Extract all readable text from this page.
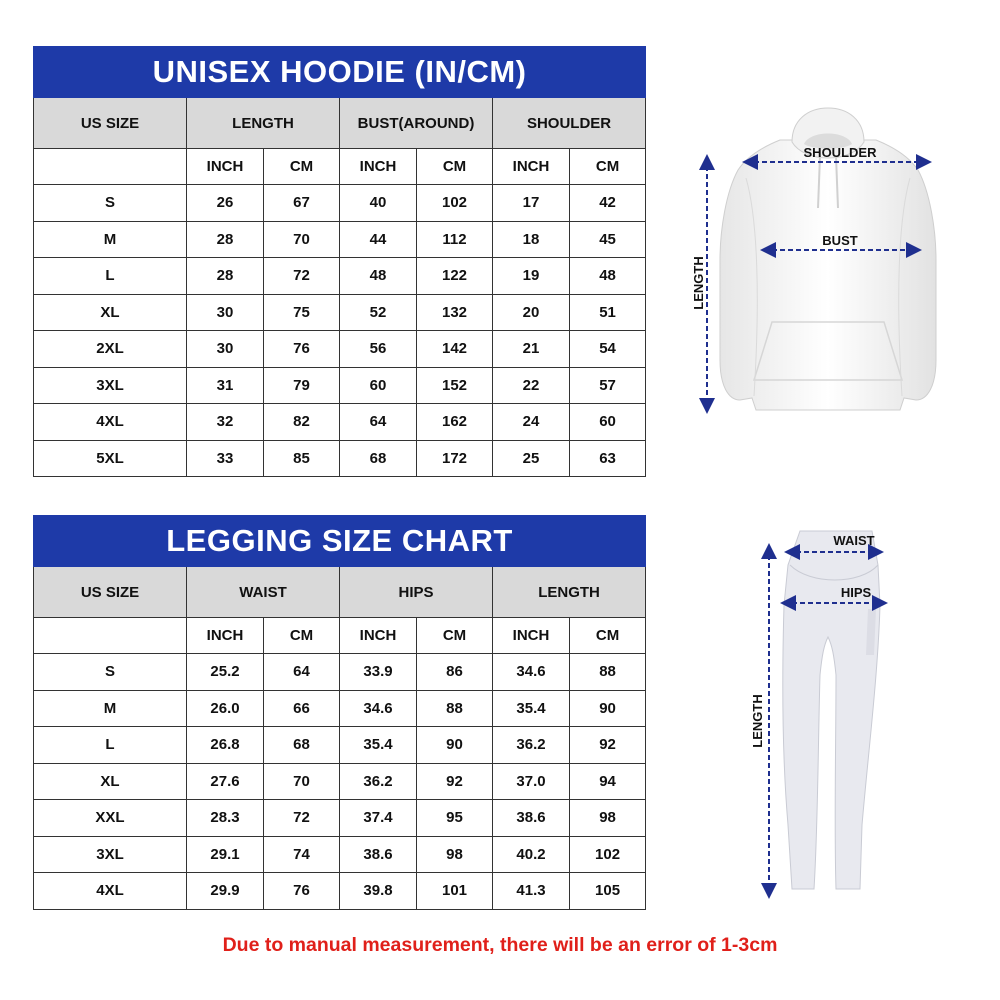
UNISEX HOODIE (IN/CM)						
US SIZE	LENGTH		BUST(AROUND)		SHOULDER	
	INCH	CM	INCH	CM	INCH	CM
S	26	67	40	102	17	42
M	28	70	44	112	18	45
L	28	72	48	122	19	48
XL	30	75	52	132	20	51
2XL	30	76	56	142	21	54
3XL	31	79	60	152	22	57
4XL	32	82	64	162	24	60
5XL	33	85	68	172	25	63
LEGGING SIZE CHART						
US SIZE	WAIST		HIPS		LENGTH	
	INCH	CM	INCH	CM	INCH	CM
S	25.2	64	33.9	86	34.6	88
M	26.0	66	34.6	88	35.4	90
L	26.8	68	35.4	90	36.2	92
XL	27.6	70	36.2	92	37.0	94
XXL	28.3	72	37.4	95	38.6	98
3XL	29.1	74	38.6	98	40.2	102
4XL	29.9	76	39.8	101	41.3	105
SHOULDER
BUST
LENGTH
WAIST
HIPS
LENGTH
Due to manual measurement, there will be an error of 1-3cm
